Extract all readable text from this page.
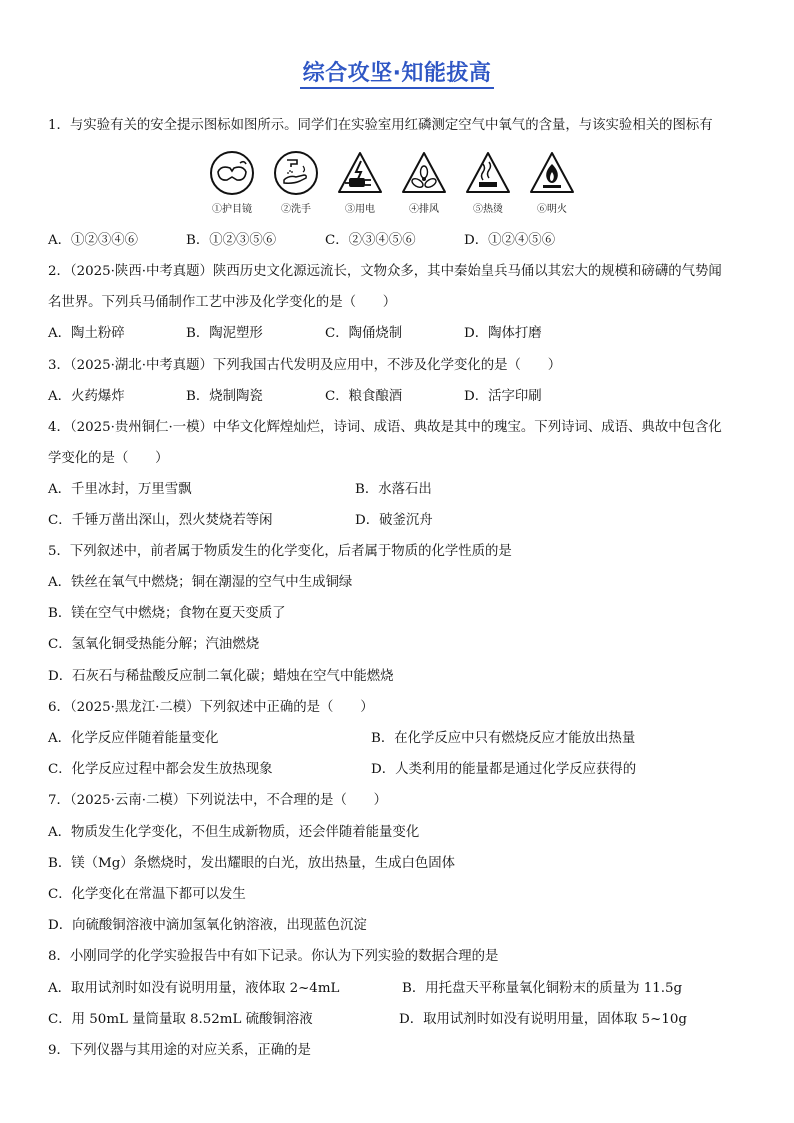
综合攻坚·知能拔高
1．与实验有关的安全提示图标如图所示。同学们在实验室用红磷测定空气中氧气的含量，与该实验相关的图标有
①护目镜	②洗手	③用电	④排风	⑤热烫	⑥明火
A．①②③④⑥	B．①②③⑤⑥	C．②③④⑤⑥	D．①②④⑤⑥
2．（2025·陕西·中考真题）陕西历史文化源远流长，文物众多，其中秦始皇兵马俑以其宏大的规模和磅礴的气势闻
名世界。下列兵马俑制作工艺中涉及化学变化的是（　　）
A．陶土粉碎	B．陶泥塑形	C．陶俑烧制	D．陶体打磨
3．（2025·湖北·中考真题）下列我国古代发明及应用中，不涉及化学变化的是（　　）
A．火药爆炸	B．烧制陶瓷	C．粮食酿酒	D．活字印刷
4．（2025·贵州铜仁·一模）中华文化辉煌灿烂，诗词、成语、典故是其中的瑰宝。下列诗词、成语、典故中包含化
学变化的是（　　）
A．千里冰封，万里雪飘	B．水落石出
C．千锤万凿出深山，烈火焚烧若等闲	D．破釜沉舟
5．下列叙述中，前者属于物质发生的化学变化，后者属于物质的化学性质的是
A．铁丝在氧气中燃烧；铜在潮湿的空气中生成铜绿
B．镁在空气中燃烧；食物在夏天变质了
C．氢氧化铜受热能分解；汽油燃烧
D．石灰石与稀盐酸反应制二氧化碳；蜡烛在空气中能燃烧
6．（2025·黑龙江·二模）下列叙述中正确的是（　　）
A．化学反应伴随着能量变化	B．在化学反应中只有燃烧反应才能放出热量
C．化学反应过程中都会发生放热现象	D．人类利用的能量都是通过化学反应获得的
7．（2025·云南·二模）下列说法中，不合理的是（　　）
A．物质发生化学变化，不但生成新物质，还会伴随着能量变化
B．镁（Mg）条燃烧时，发出耀眼的白光，放出热量，生成白色固体
C．化学变化在常温下都可以发生
D．向硫酸铜溶液中滴加氢氧化钠溶液，出现蓝色沉淀
8．小刚同学的化学实验报告中有如下记录。你认为下列实验的数据合理的是
A．取用试剂时如没有说明用量，液体取 2~4mL	B．用托盘天平称量氧化铜粉末的质量为 11.5g
C．用 50mL 量筒量取 8.52mL 硫酸铜溶液	D．取用试剂时如没有说明用量，固体取 5~10g
9．下列仪器与其用途的对应关系，正确的是
